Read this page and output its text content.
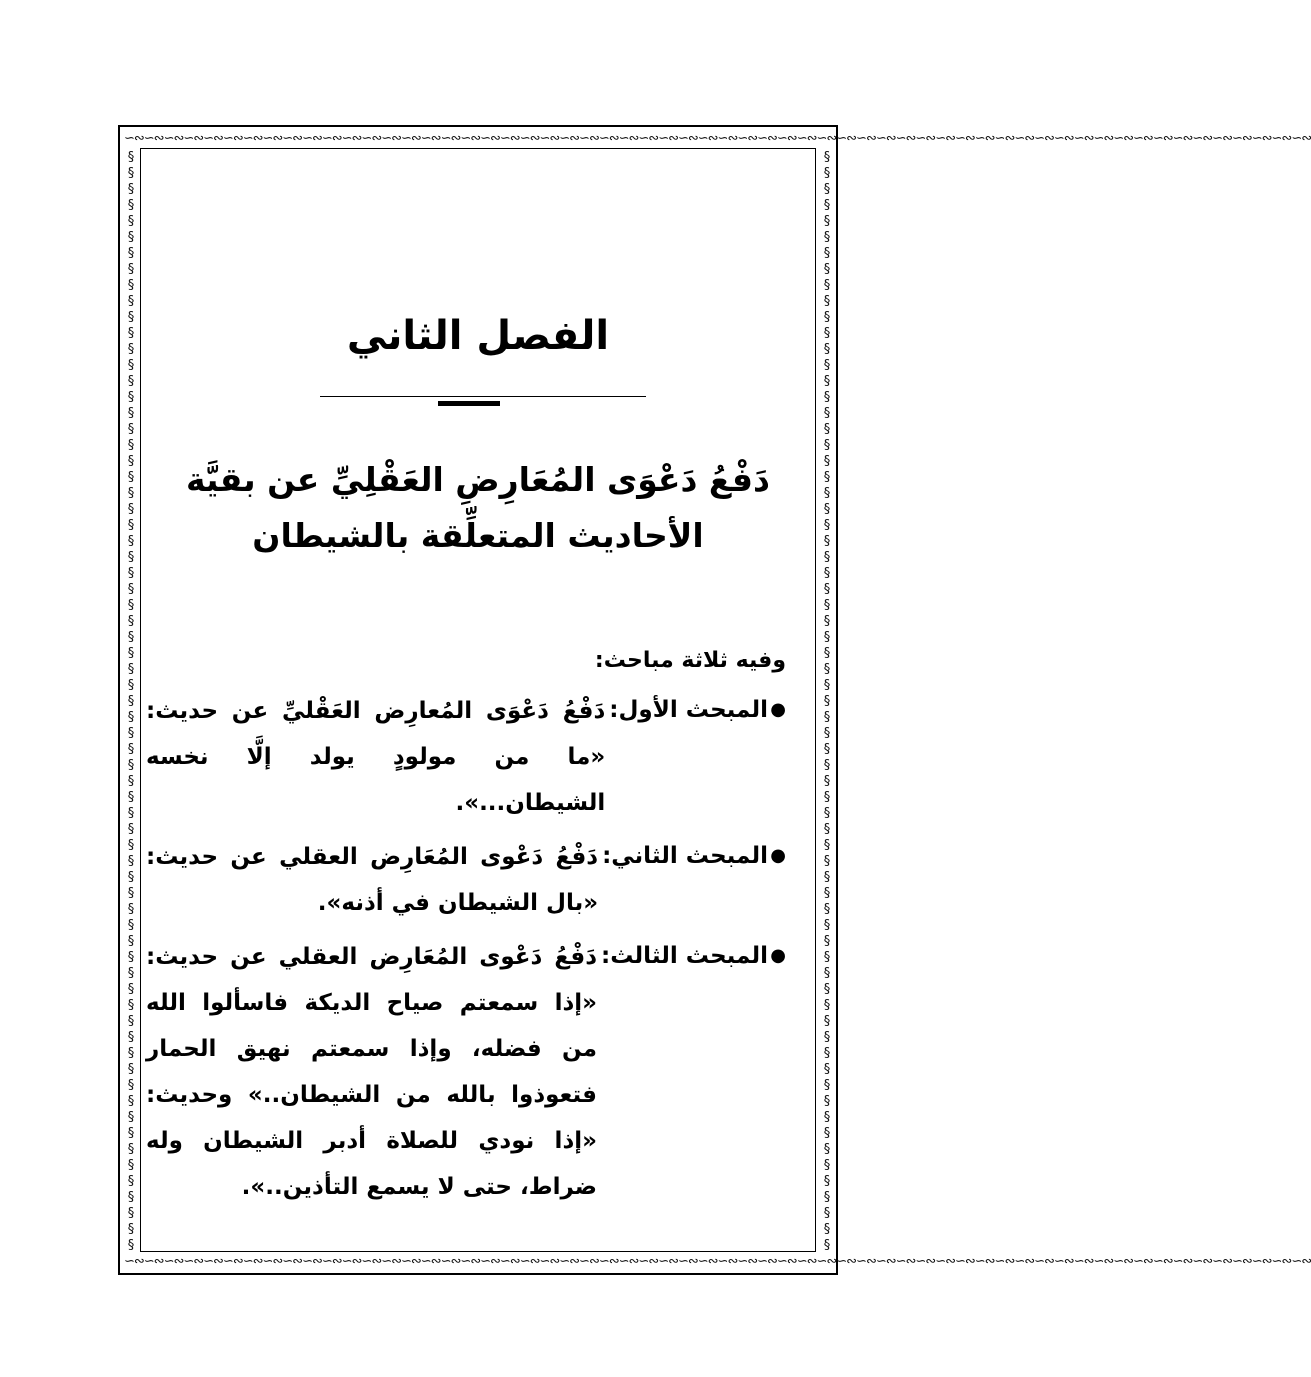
∽∾∽∾∽∾∽∾∽∾∽∾∽∾∽∾∽∾∽∾∽∾∽∾∽∾∽∾∽∾∽∾∽∾∽∾∽∾∽∾∽∾∽∾∽∾∽∾∽∾∽∾∽∾∽∾∽∾∽∾∽∾∽∾∽∾∽∾∽∾∽∾∽∾∽∾∽∾∽∾∽∾∽∾∽∾∽∾∽∾∽∾∽∾∽∾∽∾∽∾∽∾∽∾∽∾∽∾∽∾∽∾∽∾∽∾∽∾∽∾
∽∾∽∾∽∾∽∾∽∾∽∾∽∾∽∾∽∾∽∾∽∾∽∾∽∾∽∾∽∾∽∾∽∾∽∾∽∾∽∾∽∾∽∾∽∾∽∾∽∾∽∾∽∾∽∾∽∾∽∾∽∾∽∾∽∾∽∾∽∾∽∾∽∾∽∾∽∾∽∾∽∾∽∾∽∾∽∾∽∾∽∾∽∾∽∾∽∾∽∾∽∾∽∾∽∾∽∾∽∾∽∾∽∾∽∾∽∾∽∾
§
§
§
§
§
§
§
§
§
§
§
§
§
§
§
§
§
§
§
§
§
§
§
§
§
§
§
§
§
§
§
§
§
§
§
§
§
§
§
§
§
§
§
§
§
§
§
§
§
§
§
§
§
§
§
§
§
§
§
§
§
§
§
§
§
§
§
§
§
§
§
§
§
§
§
§
§
§
§
§
§
§
§
§
§
§
§
§
§
§
§
§
§
§
§
§
§
§
§
§
§
§
§
§
§
§
§
§
§
§
§
§
§
§
§
§
§
§
§
§
§
§
§
§
§
§
§
§
§
§
§
§
§
§
§
§
§
§
الفصل الثاني
دَفْعُ دَعْوَى المُعَارِضِ العَقْلِيِّ عن بقيَّة
الأحاديث المتعلِّقة بالشيطان
وفيه ثلاثة مباحث:
●
المبحث الأول:
دَفْعُ دَعْوَى المُعارِض العَقْليِّ عن حديث: «ما من مولودٍ يولد إلَّا نخسه الشيطان...».
●
المبحث الثاني:
دَفْعُ دَعْوى المُعَارِض العقلي عن حديث: «بال الشيطان في أذنه».
●
المبحث الثالث:
دَفْعُ دَعْوى المُعَارِض العقلي عن حديث: «إذا سمعتم صياح الديكة فاسألوا الله من فضله، وإذا سمعتم نهيق الحمار فتعوذوا بالله من الشيطان..» وحديث: «إذا نودي للصلاة أدبر الشيطان وله ضراط، حتى لا يسمع التأذين..».
